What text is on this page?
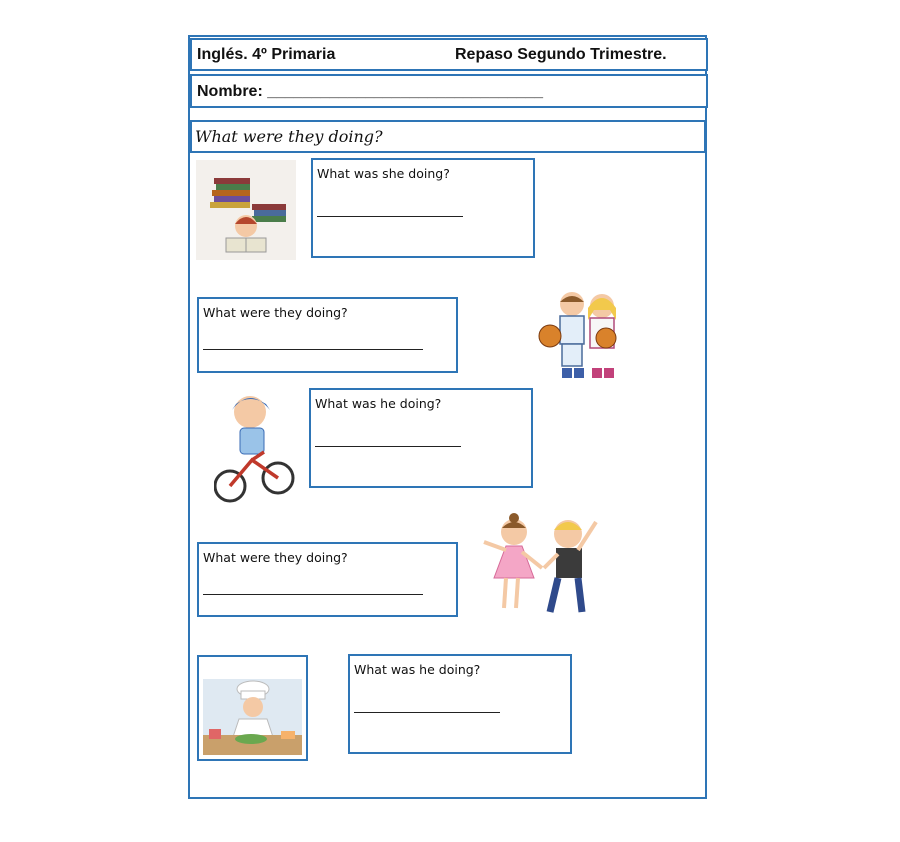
Inglés. 4º Primaria	Repaso Segundo Trimestre.
Nombre: _______________________________
What were they doing?
What was she doing?
What were they doing?
What was he doing?
What were they doing?
What was he doing?
